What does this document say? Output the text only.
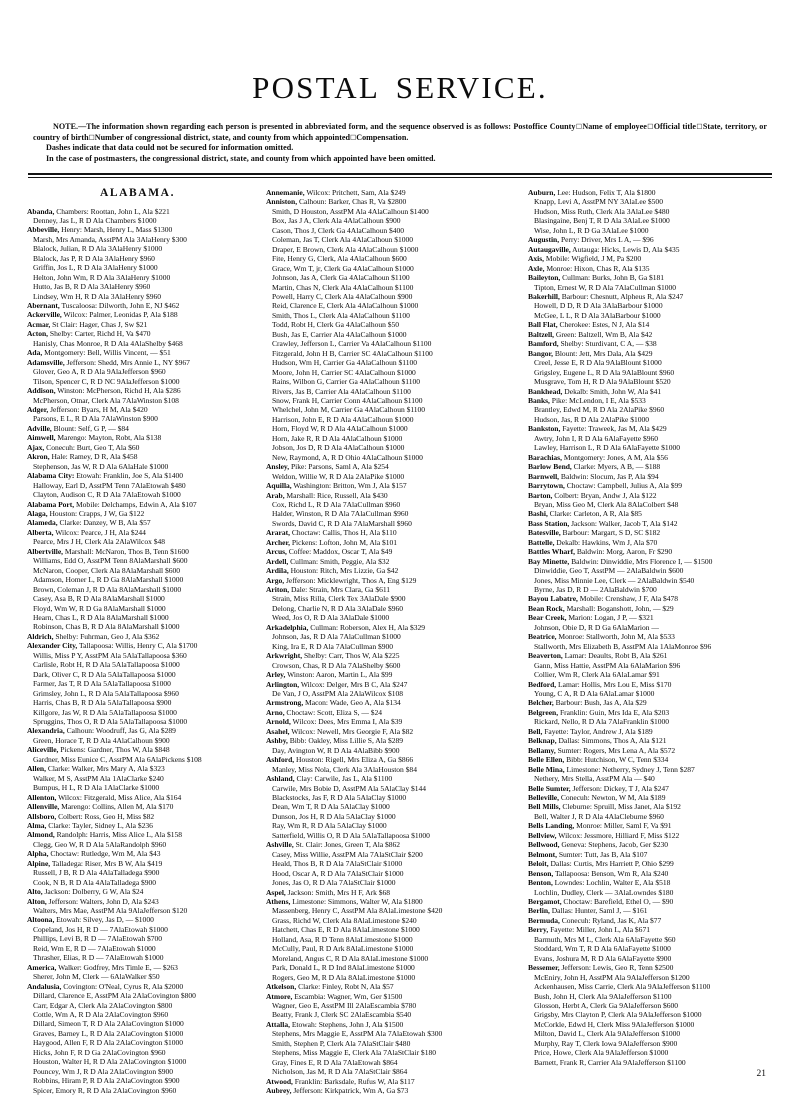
POSTAL SERVICE.

NOTE.—The information shown regarding each person is presented in abbreviated form, and the sequence observed is as follows: Postoffice County□Name of employee□Official title□State, territory, or country of birth□Number of congressional district, state, and county from which appointed□Compensation.

Dashes indicate that data could not be secured for information omitted.

In the case of postmasters, the congressional district, state, and county from which appointed have been omitted.

ALABAMA.

Abanda, Chambers: Roottan, John L, Ala $221

Denney, Jas L, R D Ala Chambers $1000

Abbeville, Henry: Marsh, Henry L, Mass $1300

Marsh, Mrs Amanda, AsstPM Ala 3AlaHenry $300

Blalock, Julian, R D Ala 3AlaHenry $1000

Blalock, Jas P, R D Ala 3AlaHenry $960

Griffin, Jos L, R D Ala 3AlaHenry $1000

Helton, John Wm, R D Ala 3AlaHenry $1000

Hutto, Jas B, R D Ala 3AlaHenry $960

Lindsey, Wm H, R D Ala 3AlaHenry $960

Abernant, Tuscaloosa: Dilworth, John E, NJ $462

Ackerville, Wilcox: Palmer, Leonidas P, Ala $188

Acmar, St Clair: Hager, Chas J, Sw $21

Acton, Shelby: Carter, Richd H, Va $470

Hanisly, Chas Monroe, R D Ala 4AlaShelby $468

Ada, Montgomery: Bell, Willis Vincent, — $51

Adamsville, Jefferson: Shedd, Mrs Annie L, NY $967

Glover, Geo A, R D Ala 9AlaJefferson $960

Tilson, Spencer C, R D NC 9AlaJefferson $1000

Addison, Winston: McPherson, Richd H, Ala $286

McPherson, Otnar, Clerk Ala 7AlaWinston $108

Adger, Jefferson: Byars, H M, Ala $420

Parsons, E L, R D Ala 7AlaWinston $900

Adville, Blount: Self, G P, — $84

Aimwell, Marengo: Mayton, Robt, Ala $138

Ajax, Conecuh: Burt, Geo T, Ala $60

Akron, Hale: Ramey, D R, Ala $458

Stephenson, Jas W, R D Ala 6AlaHale $1000

Alabama City: Etowah: Franklin, Joe S, Ala $1400

Halloway, Earl D, AsstPM Tenn 7AlaEtowah $480

Clayton, Audison C, R D Ala 7AlaEtowah $1000

Alabama Port, Mobile: Delchamps, Edwin A, Ala $107

Alaga, Houston: Crapps, J W, Ga $122

Alameda, Clarke: Danzey, W B, Ala $57

Alberta, Wilcox: Pearce, J H, Ala $244

Pearce, Mrs J H, Clerk Ala 2AlaWilcox $48

Albertville, Marshall: McNaron, Thos B, Tenn $1600

Williams, Edd O, AsstPM Tenn 8AlaMarshall $600

McNaron, Cooper, Clerk Ala 8AlaMarshall $600

Adamson, Homer L, R D Ga 8AlaMarshall $1000

Brown, Coleman J, R D Ala 8AlaMarshall $1000

Casey, Asa B, R D Ala 8AlaMarshall $1000

Floyd, Wm W, R D Ga 8AlaMarshall $1000

Hearn, Chas L, R D Ala 8AlaMarshall $1000

Robinson, Chas B, R D Ala 8AlaMarshall $1000

Aldrich, Shelby: Fuhrman, Geo J, Ala $362

Alexander City, Tallapoosa: Willis, Henry C, Ala $1700

Willis, Miss P Y, AsstPM Ala 5AlaTallapoosa $360

Carlisle, Robt H, R D Ala 5AlaTallapoosa $1000

Dark, Oliver C, R D Ala 5AlaTallapoosa $1000

Farmer, Jas T, R D Ala 5AlaTallapoosa $1000

Grimsley, John L, R D Ala 5AlaTallapoosa $960

Harris, Chas B, R D Ala 5AlaTallapoosa $900

Killgore, Jas W, R D Ala 5AlaTallapoosa $1000

Spruggins, Thos O, R D Ala 5AlaTallapoosa $1000

Alexandria, Calhoun: Woodruff, Jas G, Ala $289

Green, Horace T, R D Ala 4AlaCalhoun $900

Aliceville, Pickens: Gardner, Thos W, Ala $848

Gardner, Miss Eunice C, AsstPM Ala 6AlaPickens $108

Allen, Clarke: Walker, Mrs Mary A, Ala $323

Walker, M S, AsstPM Ala 1AlaClarke $240

Bumpus, H L, R D Ala 1AlaClarke $1000

Allenton, Wilcox: Fitzgerald, Miss Alice, Ala $164

Allenville, Marengo: Collins, Allen M, Ala $170

Allsboro, Colbert: Ross, Geo H, Miss $82

Alma, Clarke: Tayler, Sidney L, Ala $236

Almond, Randolph: Harris, Miss Alice L, Ala $158

Clegg, Geo W, R D Ala 5AlaRandolph $960

Alpha, Choctaw: Rutledge, Wm M, Ala $43

Alpine, Talladega: Riser, Mrs B W, Ala $419

Russell, J B, R D Ala 4AlaTalladega $900

Cook, N B, R D Ala 4AlaTalladega $900

Alto, Jackson: Dolberry, G W, Ala $24

Alton, Jefferson: Walters, John D, Ala $243

Walters, Mrs Mae, AsstPM Ala 9AlaJefferson $120

Altoona, Etowah: Silvey, Jas D, — $1000

Copeland, Jos H, R D — 7AlaEtowah $1000

Phillips, Levi B, R D — 7AlaEtowah $700

Reid, Wm E, R D — 7AlaEtowah $1000

Thrasher, Elias, R D — 7AlaEtowah $1000

America, Walker: Godfrey, Mrs Timle E, — $263

Sherer, John M, Clerk — 6AlaWalker $50

Andalusia, Covington: O'Neal, Cyrus R, Ala $2000

Dillard, Clarence E, AsstPM Ala 2AlaCovington $800

Carr, Edgar A, Clerk Ala 2AlaCovington $800

Cottle, Wm A, R D Ala 2AlaCovington $960

Dillard, Simeon T, R D Ala 2AlaCovington $1000

Graves, Barney L, R D Ala 2AlaCovington $1000

Haygood, Allen F, R D Ala 2AlaCovington $1000

Hicks, John F, R D Ga 2AlaCovington $960

Houston, Walter H, R D Ala 2AlaCovington $1000

Pouncey, Wm J, R D Ala 2AlaCovington $900

Robbins, Hiram P, R D Ala 2AlaCovington $900

Spicer, Emory R, R D Ala 2AlaCovington $960

Annemanie, Wilcox: Pritchett, Sam, Ala $249

Anniston, Calhoun: Barker, Chas R, Va $2800

Smith, D Houston, AsstPM Ala 4AlaCalhoun $1400

Box, Jas J A, Clerk Ala 4AlaCalhoun $900

Cason, Thos J, Clerk Ga 4AlaCalhoun $400

Coleman, Jas T, Clerk Ala 4AlaCalhoun $1000

Draper, E Brown, Clerk Ala 4AlaCalhoun $1000

Fite, Henry G, Clerk, Ala 4AlaCalhoun $600

Grace, Wm T, jr, Clerk Ga 4AlaCalhoun $1000

Johnson, Jas A, Clerk Ga 4AlaCalhoun $1100

Martin, Chas N, Clerk Ala 4AlaCalhoun $1100

Powell, Harry C, Clerk Ala 4AlaCalhoun $900

Reid, Clarence E, Clerk Ala 4AlaCalhoun $1000

Smith, Thos L, Clerk Ala 4AlaCalhoun $1100

Todd, Robt H, Clerk Ga 4AlaCalhoun $50

Bush, Jas E, Carrier Ala 4AlaCalhoun $1000

Crawley, Jefferson L, Carrier Va 4AlaCalhoun $1100

Fitzgerald, John H B, Carrier SC 4AlaCalhoun $1100

Hudson, Wm H, Carrier Ga 4AlaCalhoun $1100

Moore, John H, Carrier SC 4AlaCalhoun $1000

Rains, Wilbon G, Carrier Ga 4AlaCalhoun $1100

Rivers, Jas B, Carrier Ala 4AlaCalhoun $1100

Snow, Frank H, Carrier Conn 4AlaCalhoun $1100

Whelchel, John M, Carrier Ga 4AlaCalhoun $1100

Harrison, John E, R D Ala 4AlaCalhoun $1000

Horn, Floyd W, R D Ala 4AlaCalhoun $1000

Horn, Jake R, R D Ala 4AlaCalhoun $1000

Jobson, Jos D, R D Ala 4AlaCalhoun $1000

New, Raymond, A, R D Ohio 4AlaCalhoun $1000

Ansley, Pike: Parsons, Saml A, Ala $254

Weldon, Willie W, R D Ala 2AlaPike $1000

Aquilla, Washington: Britton, Wm J, Ala $157

Arab, Marshall: Rice, Russell, Ala $430

Cox, Richd L, R D Ala 7AlaCullman $960

Halder, Winston, R D Ala 7AlaCullman $960

Swords, David C, R D Ala 7AlaMarshall $960

Ararat, Choctaw: Callis, Thos H, Ala $110

Archer, Pickens: Lofton, John M, Ala $101

Arcus, Coffee: Maddox, Oscar T, Ala $49

Ardell, Cullman: Smith, Peggie, Ala $32

Ardila, Houston: Ritch, Mrs Lizzie, Ga $42

Argo, Jefferson: Micklewright, Thos A, Eng $129

Ariton, Dale: Strain, Mrs Clara, Ga $611

Strain, Miss Rilla, Clerk Tex 3AlaDale $900

Delong, Charlie N, R D Ala 3AlaDale $960

Weed, Jos O, R D Ala 3AlaDale $1000

Arkadelphia, Cullman: Roberson, Alex H, Ala $329

Johnson, Jas, R D Ala 7AlaCullman $1000

King, Ira E, R D Ala 7AlaCullman $900

Arkwright, Shelby: Carr, Thos W, Ala $225

Crowson, Chas, R D Ala 7AlaShelby $600

Arley, Winston: Aaron, Martin L, Ala $99

Arlington, Wilcox: Delger, Mrs B C, Ala $247

De Van, J O, AsstPM Ala 2AlaWilcox $108

Armstrong, Macon: Wade, Geo A, Ala $134

Arno, Choctaw: Scott, Eliza S, — $24

Arnold, Wilcox: Dees, Mrs Emma I, Ala $39

Asahel, Wilcox: Newell, Mrs Georgie F, Ala $82

Ashby, Bibb: Oakley, Miss Lillie S, Ala $289

Day, Avington W, R D Ala 4AlaBibb $900

Ashford, Houston: Rigell, Mrs Eliza A, Ga $866

Manley, Miss Nola, Clerk Ala 3AlaHouston $84

Ashland, Clay: Carwile, Jas L, Ala $1100

Carwile, Mrs Bobie D, AsstPM Ala 5AlaClay $144

Blackstocks, Jas F, R D Ala 5AlaClay $1000

Dean, Wm T, R D Ala 5AlaClay $1000

Dunson, Jos H, R D Ala 5AlaClay $1000

Ray, Wm R, R D Ala 5AlaClay $1000

Satterfield, Willis O, R D Ala 5AlaTallapoosa $1000

Ashville, St. Clair: Jones, Green T, Ala $862

Casey, Miss Willie, AsstPM Ala 7AlaStClair $200

Heald, Thos B, R D Ala 7AlaStClair $1000

Hood, Oscar A, R D Ala 7AlaStClair $1000

Jones, Jas O, R D Ala 7AlaStClair $1000

Aspel, Jackson: Smith, Mrs H F, Ark $68

Athens, Limestone: Simmons, Walter W, Ala $1800

Massenberg, Henry C, AsstPM Ala 8AlaLimestone $420

Grass, Richd W, Clerk Ala 8AlaLimestone $240

Hatchett, Chas E, R D Ala 8AlaLimestone $1000

Holland, Asa, R D Tenn 8AlaLimestone $1000

McCully, Paul, R D Ark 8AlaLimestone $1000

Moreland, Angus C, R D Ala 8AlaLimestone $1000

Park, Donald L, R D Ind 8AlaLimestone $1000

Rogers, Geo M, R D Ala 8AlaLimestone $1000

Atkelson, Clarke: Finley, Robt N, Ala $57

Atmore, Escambia: Wagner, Wm, Ger $1500

Wagner, Geo E, AsstPM Ill 2AlaEscambia $780

Beatty, Frank J, Clerk SC 2AlaEscambia $540

Attalla, Etowah: Stephens, John J, Ala $1500

Stephens, Mrs Maggie E, AsstPM Ala 7AlaEtowah $300

Smith, Stephen P, Clerk Ala 7AlaStClair $480

Stephens, Miss Maggie E, Clerk Ala 7AlaStClair $180

Gray, Fines E, R D Ala 7AlaEtowah $864

Nicholson, Jas M, R D Ala 7AlaStClair $864

Atwood, Franklin: Barksdale, Rufus W, Ala $117

Aubrey, Jefferson: Kirkpatrick, Wm A, Ga $73

Auburn, Lee: Hudson, Felix T, Ala $1800

Knapp, Levi A, AsstPM NY 3AlaLee $500

Hudson, Miss Ruth, Clerk Ala 3AlaLee $480

Blasingaine, Benj T, R D Ala 3AlaLee $1000

Wise, John L, R D Ga 3AlaLee $1000

Augustin, Perry: Driver, Mrs L A, — $96

Autaugaville, Autauga: Hicks, Lewis D, Ala $435

Axis, Mobile: Wigfield, J M, Pa $200

Axle, Monroe: Hixon, Chas R, Ala $135

Baileyton, Cullman: Burks, John B, Ga $181

Tipton, Ernest W, R D Ala 7AlaCullman $1000

Bakerhill, Barbour: Chesnutt, Alpheus R, Ala $247

Howell, D D, R D Ala 3AlaBarbour $1000

McGee, L L, R D Ala 3AlaBarbour $1000

Ball Flat, Cherokee: Estes, N J, Ala $14

Baltzell, Green: Baltzell, Wm B, Ala $42

Bamford, Shelby: Sturdivant, C A, — $38

Bangor, Blount: Jett, Mrs Dala, Ala $429

Creel, Jesse E, R D Ala 9AlaBlount $1000

Grigsley, Eugene L, R D Ala 9AlaBlount $960

Musgrave, Tom H, R D Ala 9AlaBlount $520

Bankhead, Dekalb: Smith, John W, Ala $41

Banks, Pike: McLendon, I E, Ala $533

Brantley, Edwd M, R D Ala 2AlaPike $960

Hudson, Jas, R D Ala 2AlaPike $1000

Bankston, Fayette: Traweek, Jas M, Ala $429

Awtry, John I, R D Ala 6AlaFayette $960

Lawley, Harrison L, R D Ala 6AlaFayette $1000

Barachias, Montgomery: Jones, A M, Ala $56

Barlow Bend, Clarke: Myers, A B, — $188

Barnwell, Baldwin: Slocum, Jas P, Ala $94

Barrytown, Choctaw: Campbell, Julius A, Ala $99

Barton, Colbert: Bryan, Andw J, Ala $122

Bryan, Miss Geo M, Clerk Ala 8AlaColbert $48

Bashi, Clarke: Carleton, A R, Ala $85

Bass Station, Jackson: Walker, Jacob T, Ala $142

Batesville, Barbour: Margart, S D, SC $182

Battelle, Dekalb: Hawkins, Wm J, Ala $70

Battles Wharf, Baldwin: Morg, Aaron, Fr $290

Bay Minette, Baldwin: Dinwiddie, Mrs Florence I, — $1500

Dinwiddie, Geo T, AsstPM — 2AlaBaldwin $600

Jones, Miss Minnie Lee, Clerk — 2AlaBaldwin $540

Byrne, Jas D, R D — 2AlaBaldwin $700

Bayou Labatre, Mobile: Crenshaw, J F, Ala $478

Bean Rock, Marshall: Boganshott, John, — $29

Bear Creek, Marion: Logan, J P, — $321

Johnson, Obie D, R D Ga 6AlaMarion —

Beatrice, Monroe: Stallworth, John M, Ala $533

Stallworth, Mrs Elizabeth B, AsstPM Ala 1AlaMonroe $96

Beaverton, Lamar: Deaults, Robt B, Ala $261

Gann, Miss Hattie, AsstPM Ala 6AlaMarion $96

Collier, Wm R, Clerk Ala 6AlaLamar $91

Bedford, Lamar: Hollis, Mrs Lou E, Miss $170

Young, C A, R D Ala 6AlaLamar $1000

Belcher, Barbour: Bush, Jas A, Ala $29

Belgreen, Franklin: Guin, Mrs Ida E, Ala $203

Rickard, Nello, R D Ala 7AlaFranklin $1000

Bell, Fayette: Taylor, Andrew J, Ala $189

Belknap, Dallas: Simmons, Thos A, Ala $121

Bellamy, Sumter: Rogers, Mrs Lena A, Ala $572

Belle Ellen, Bibb: Hutchison, W C, Tenn $334

Belle Mina, Limestone: Netherry, Sydney J, Tenn $287

Nethery, Mrs Stella, AsstPM Ala — $40

Belle Sumter, Jefferson: Dickey, T J, Ala $247

Belleville, Conecuh: Newton, W M, Ala $189

Bell Mills, Cleburne: Spruill, Miss Janet, Ala $192

Bell, Walter J, R D Ala 4AlaCleburne $960

Bells Landing, Monroe: Miller, Saml F, Va $91

Bellview, Wilcox: Jessmore, Hilliard F, Miss $122

Bellwood, Geneva: Stephens, Jacob, Ger $230

Belmont, Sumter: Tutt, Jas B, Ala $107

Beloit, Dallas: Curtis, Mrs Harriett P, Ohio $299

Benson, Tallapoosa: Benson, Wm R, Ala $240

Benton, Lowndes: Lochlin, Walter E, Ala $518

Lochlin, Dudley, Clerk — 3AlaLowndes $180

Bergamot, Choctaw: Barefield, Ethel O, — $90

Berlin, Dallas: Hunter, Saml J, — $161

Bermuda, Conecuh: Ryland, Jas K, Ala $77

Berry, Fayette: Miller, John L, Ala $671

Barmuth, Mrs M L, Clerk Ala 6AlaFayette $60

Stoddard, Wm T, R D Ala 6AlaFayette $1000

Evans, Joshura M, R D Ala 6AlaFayette $900

Bessemer, Jefferson: Lewis, Geo R, Tenn $2500

McEniry, John H, AsstPM Ala 9AlaJefferson $1200

Ackenhausen, Miss Carrie, Clerk Ala 9AlaJefferson $1100

Bush, John H, Clerk Ala 9AlaJefferson $1100

Glosson, Herbt A, Clerk Ga 9AlaJefferson $600

Grigsby, Mrs Clayton P, Clerk Ala 9AlaJefferson $1000

McCorkle, Edwd H, Clerk Miss 9AlaJefferson $1000

Milton, David L, Clerk Ala 9AlaJefferson $1000

Murphy, Ray T, Clerk Iowa 9AlaJefferson $900

Price, Howe, Clerk Ala 9AlaJefferson $1000

Barnett, Frank R, Carrier Ala 9AlaJefferson $1100

21
